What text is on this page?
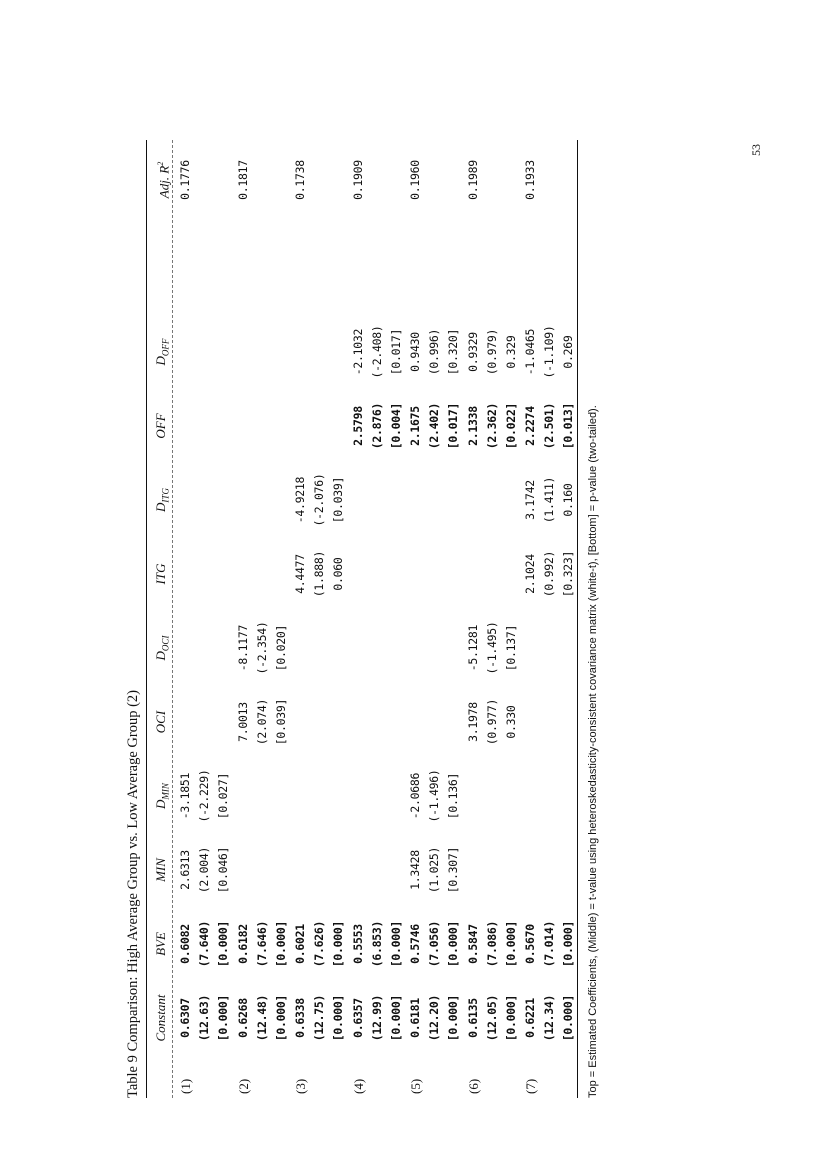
53
Table 9 Comparison: High Average Group vs. Low Average Group (2) Constant
BVE
MIN
$D_{MIN}$
OCI
$D_{OCI}$
ITG
$D_{ITG}$
OFF
$D_{OFF}$
Adj. $R^2$
(1)
0.6307 (12.63) [0.000]
0.6082 (7.640) [0.000]
2.6313 (2.004) [0.046]
-3.1851 (-2.229) [0.027]
0.1776
(2)
0.6268 (12.48) [0.000]
0.6182 (7.646) [0.000]
7.0013 (2.074) [0.039]
-8.1177 (-2.354) [0.020]
0.1817
(3)
0.6338 (12.75) [0.000]
0.6021 (7.626) [0.000]
4.4477 (1.888) 0.060
-4.9218 (-2.076) [0.039]
0.1738
(4)
0.6357 (12.99) [0.000]
0.5553 (6.853) [0.000]
2.5798 (2.876) [0.004]
-2.1032 (-2.408) [0.017]
0.1909
(5)
0.6181 (12.20) [0.000]
0.5746 (7.056) [0.000]
1.3428 (1.025) [0.307]
-2.0686 (-1.496) [0.136]
2.1675 (2.402) [0.017]
0.9430 (0.996) [0.320]
0.1960
(6)
0.6135 (12.05) [0.000]
0.5847 (7.086) [0.000]
3.1978 (0.977) 0.330
-5.1281 (-1.495) [0.137]
2.1338 (2.362) [0.022]
0.9329 (0.979) 0.329
0.1989
(7)
0.6221 (12.34) [0.000]
0.5670 (7.014) [0.000]
2.1024 (0.992) [0.323]
3.1742 (1.411) 0.160
2.2274 (2.501) [0.013]
-1.0465 (-1.109) 0.269
0.1933
Top = Estimated Coefficients, (Middle) = t-value using heteroskedasticity-consistent covariance matrix (white-t), [Bottom] = p-value (two-tailed).
